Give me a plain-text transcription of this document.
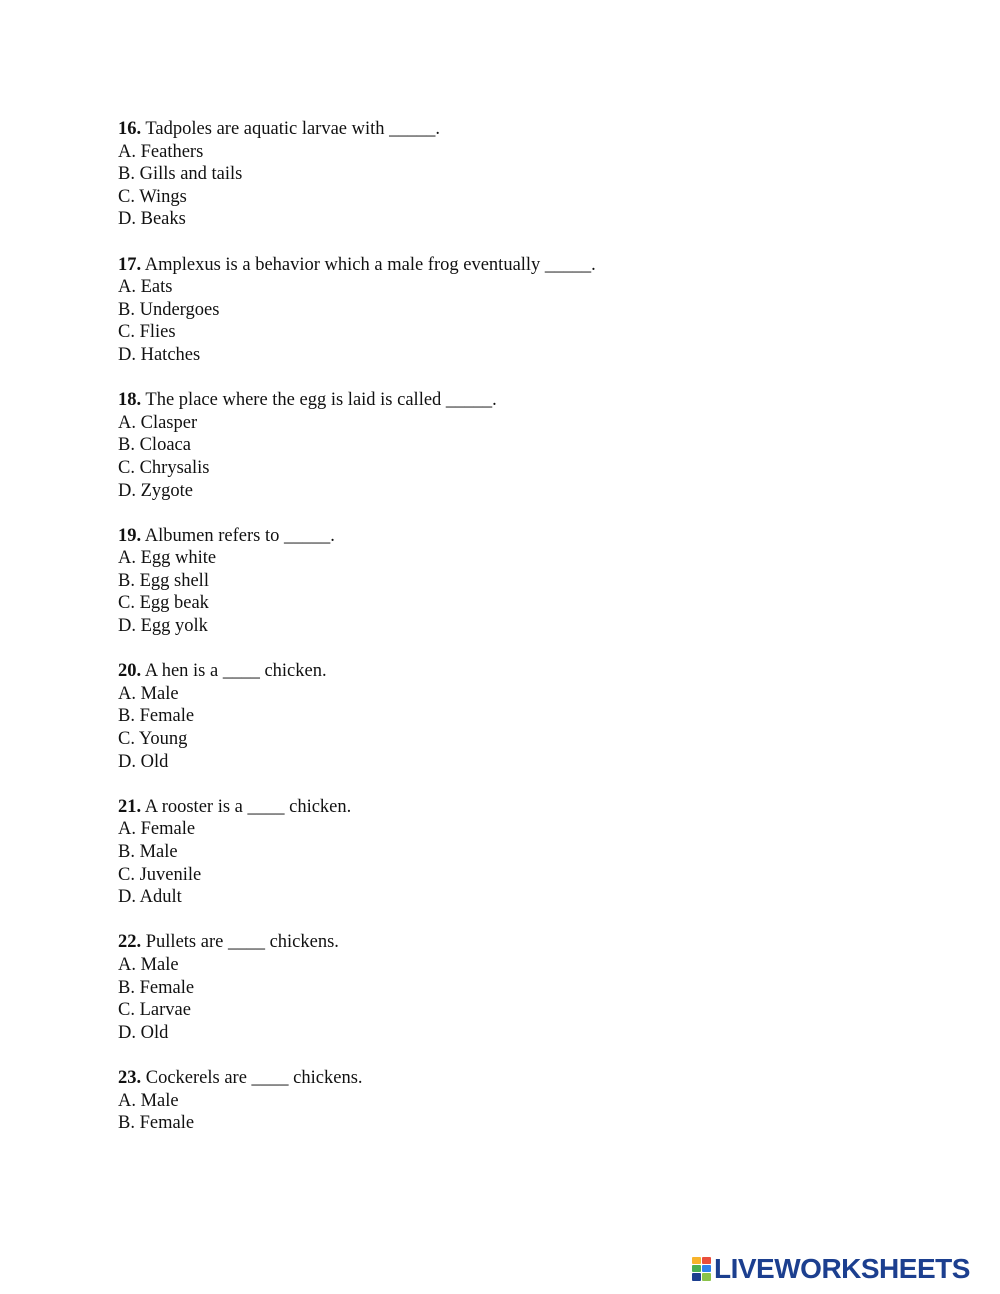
16. Tadpoles are aquatic larvae with _____.
A. Feathers
B. Gills and tails
C. Wings
D. Beaks
17. Amplexus is a behavior which a male frog eventually _____.
A. Eats
B. Undergoes
C. Flies
D. Hatches
18. The place where the egg is laid is called _____.
A. Clasper
B. Cloaca
C. Chrysalis
D. Zygote
19. Albumen refers to _____.
A. Egg white
B. Egg shell
C. Egg beak
D. Egg yolk
20. A hen is a ____ chicken.
A. Male
B. Female
C. Young
D. Old
21. A rooster is a ____ chicken.
A. Female
B. Male
C. Juvenile
D. Adult
22. Pullets are ____ chickens.
A. Male
B. Female
C. Larvae
D. Old
23. Cockerels are ____ chickens.
A. Male
B. Female
LIVEWORKSHEETS
